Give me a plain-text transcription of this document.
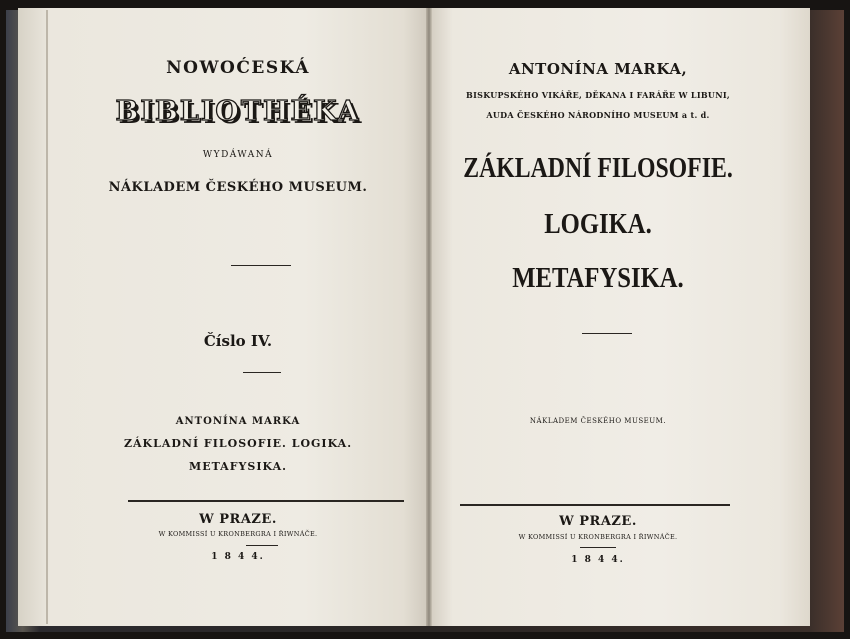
NOWOĆESKÁ
BIBLIOTHÉKA
WYDÁWANÁ
NÁKLADEM ČESKÉHO MUSEUM.
Číslo IV.
ANTONÍNA MARKA
ZÁKLADNÍ FILOSOFIE. LOGIKA.
METAFYSIKA.
W PRAZE.
W KOMMISSÍ U KRONBERGRA I ŘIWNÁČE.
1 8 4 4.
ANTONÍNA MARKA,
BISKUPSKÉHO VIKÁŘE, DĚKANA I FARÁŘE W LIBUNI,
AUDA ČESKÉHO NÁRODNÍHO MUSEUM a t. d.
ZÁKLADNÍ FILOSOFIE.
LOGIKA.
METAFYSIKA.
NÁKLADEM ČESKÉHO MUSEUM.
W PRAZE.
W KOMMISSÍ U KRONBERGRA I ŘIWNÁČE.
1 8 4 4.
